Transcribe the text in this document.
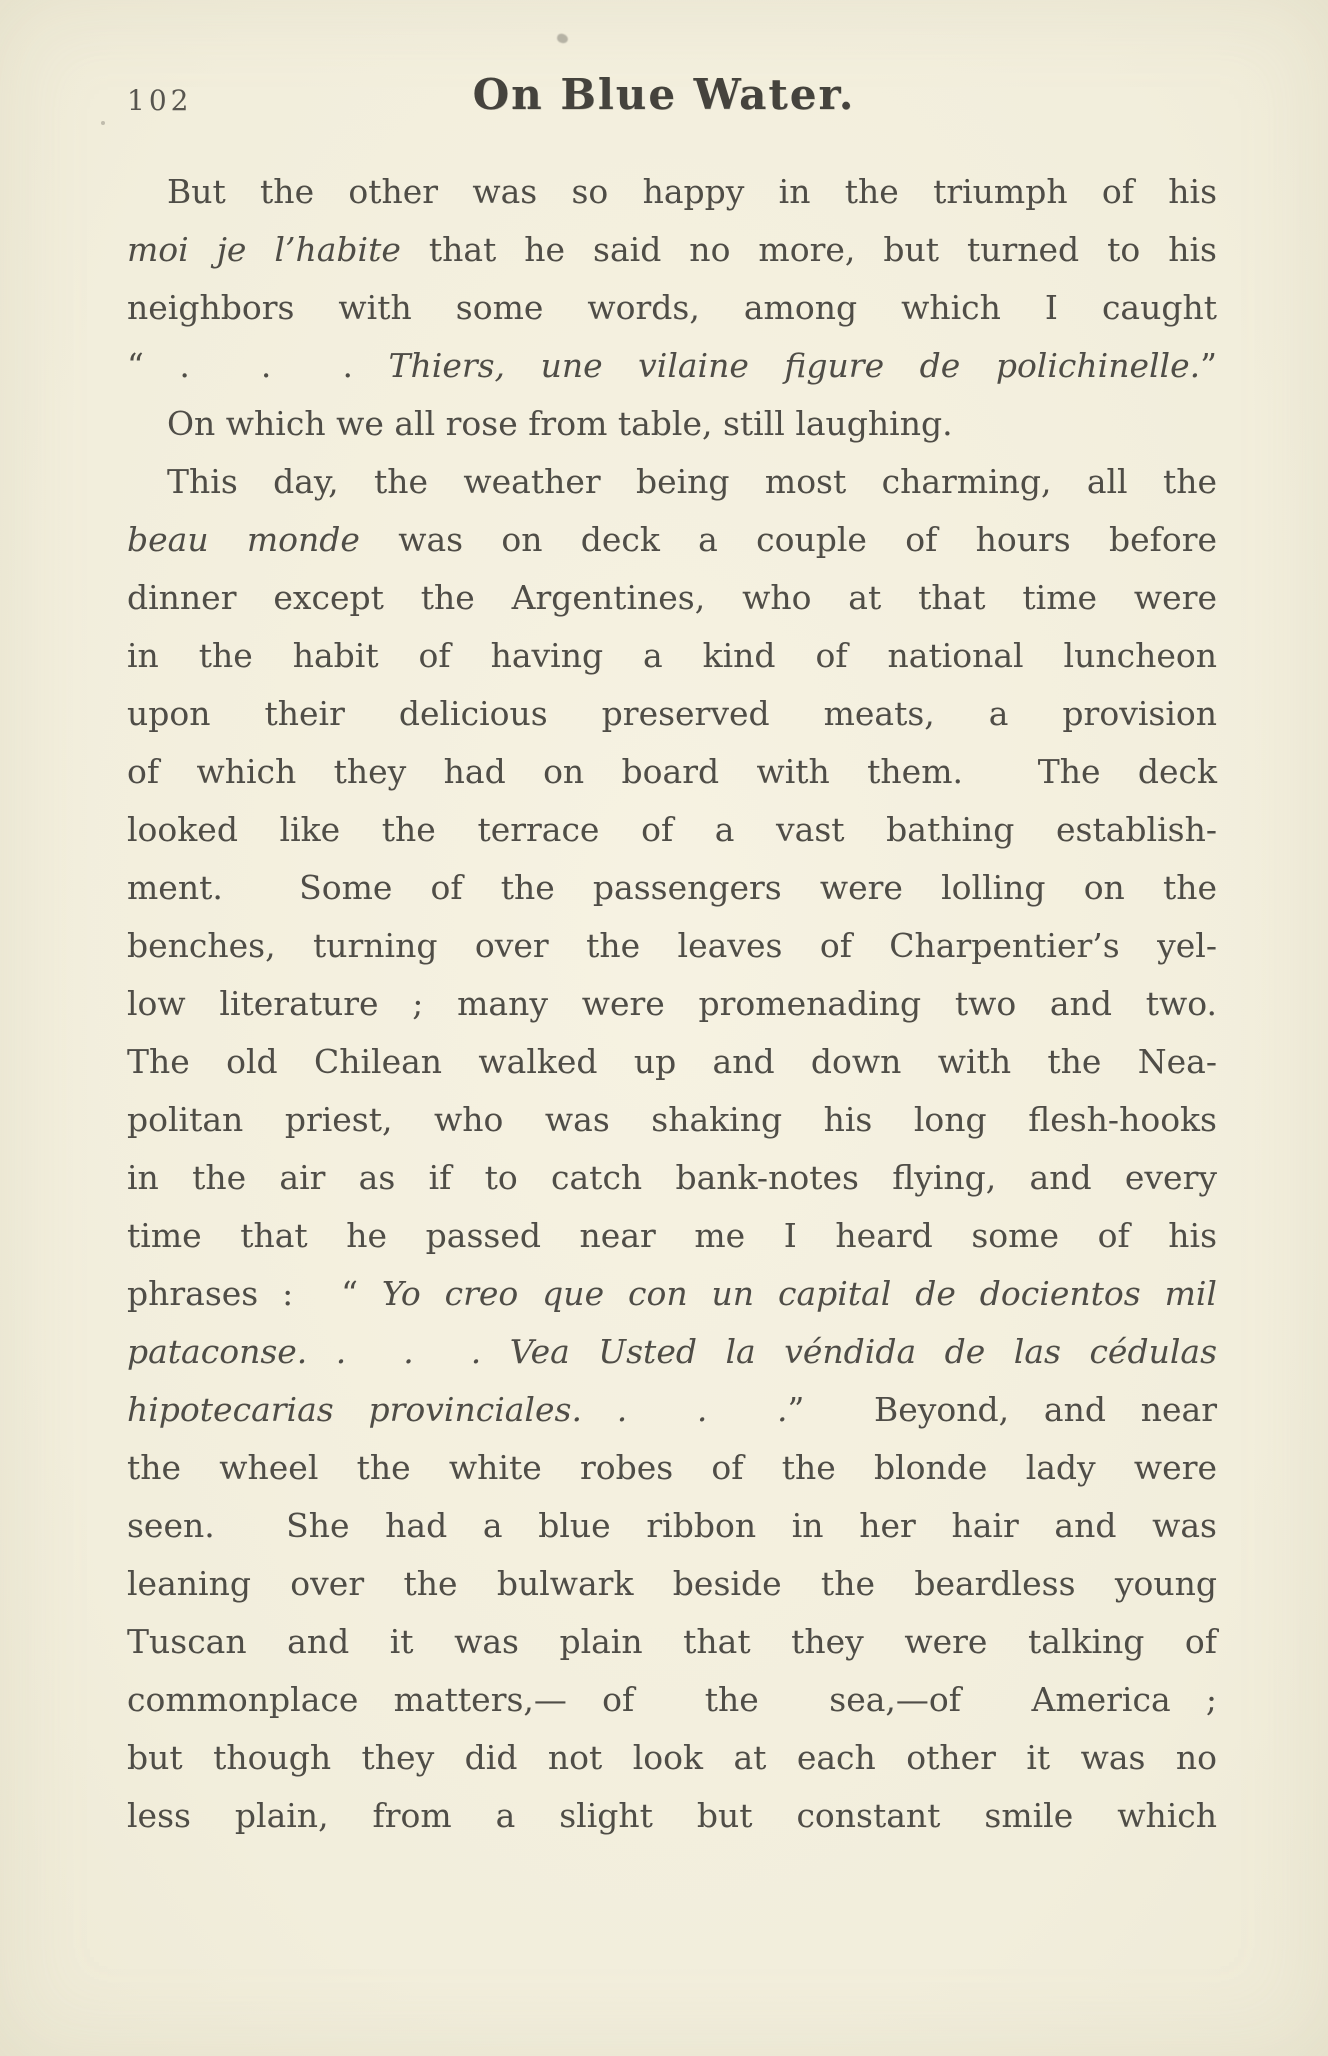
102	On Blue Water.
But the other was so happy in the triumph of his
moi je l’habite that he said no more, but turned to his
neighbors with some words, among which I caught
“ .  .  . Thiers, une vilaine figure de polichinelle.”
On which we all rose from table, still laughing.
This day, the weather being most charming, all the
beau monde was on deck a couple of hours before
dinner except the Argentines, who at that time were
in the habit of having a kind of national luncheon
upon their delicious preserved meats, a provision
of which they had on board with them.  The deck
looked like the terrace of a vast bathing establish-
ment.  Some of the passengers were lolling on the
benches, turning over the leaves of Charpentier’s yel-
low literature ; many were promenading two and two.
The old Chilean walked up and down with the Nea-
politan priest, who was shaking his long flesh-hooks
in the air as if to catch bank-notes flying, and every
time that he passed near me I heard some of his
phrases :  “ Yo creo que con un capital de docientos mil
pataconse. .  .  . Vea Usted la véndida de las cédulas
hipotecarias provinciales. .  .  .”  Beyond, and near
the wheel the white robes of the blonde lady were
seen.  She had a blue ribbon in her hair and was
leaning over the bulwark beside the beardless young
Tuscan and it was plain that they were talking of
commonplace matters,— of  the  sea,—of  America ;
but though they did not look at each other it was no
less plain, from a slight but constant smile which
